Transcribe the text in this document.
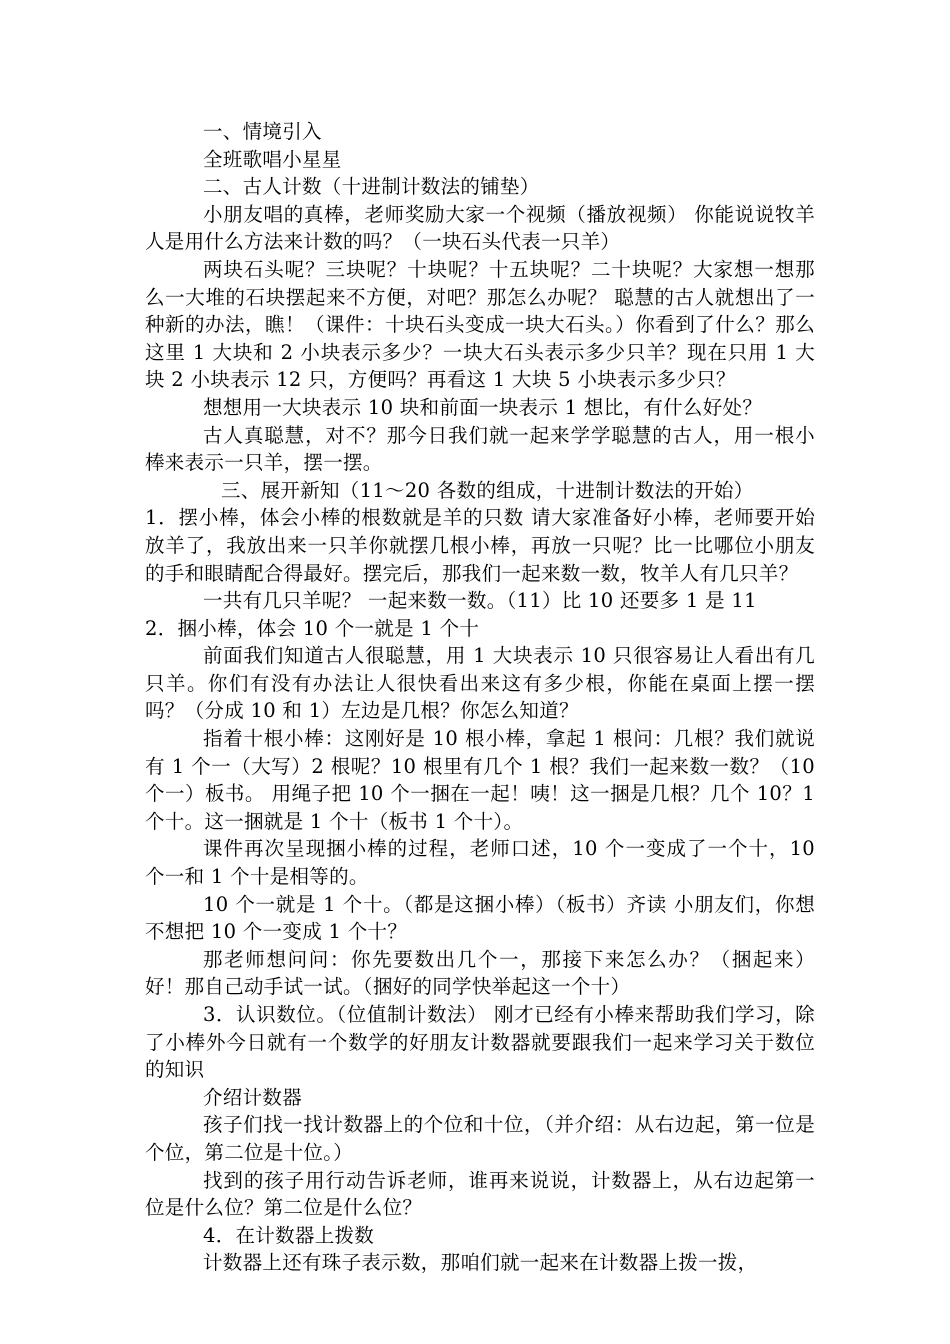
一、情境引入

全班歌唱小星星

二、古人计数（十进制计数法的铺垫）

小朋友唱的真棒，老师奖励大家一个视频（播放视频） 你能说说牧羊人是用什么方法来计数的吗？（一块石头代表一只羊）

两块石头呢？三块呢？十块呢？十五块呢？二十块呢？大家想一想那么一大堆的石块摆起来不方便，对吧？那怎么办呢？ 聪慧的古人就想出了一种新的办法，瞧！（课件：十块石头变成一块大石头。）你看到了什么？那么这里 1 大块和 2 小块表示多少？一块大石头表示多少只羊？现在只用 1 大块 2 小块表示 12 只，方便吗？再看这 1 大块 5 小块表示多少只？

想想用一大块表示 10 块和前面一块表示 1 想比，有什么好处？

古人真聪慧，对不？那今日我们就一起来学学聪慧的古人，用一根小棒来表示一只羊，摆一摆。

三、展开新知（11～20 各数的组成，十进制计数法的开始）

1．摆小棒，体会小棒的根数就是羊的只数 请大家准备好小棒，老师要开始放羊了，我放出来一只羊你就摆几根小棒，再放一只呢？比一比哪位小朋友的手和眼睛配合得最好。摆完后，那我们一起来数一数，牧羊人有几只羊？

一共有几只羊呢？ 一起来数一数。（11）比 10 还要多 1 是 11

2．捆小棒，体会 10 个一就是 1 个十

前面我们知道古人很聪慧，用 1 大块表示 10 只很容易让人看出有几只羊。你们有没有办法让人很快看出来这有多少根，你能在桌面上摆一摆吗？（分成 10 和 1）左边是几根？你怎么知道？

指着十根小棒：这刚好是 10 根小棒，拿起 1 根问：几根？我们就说有 1 个一（大写）2 根呢？10 根里有几个 1 根？我们一起来数一数？（10 个一）板书。 用绳子把 10 个一捆在一起！咦！这一捆是几根？几个 10？1 个十。这一捆就是 1 个十（板书 1 个十）。

课件再次呈现捆小棒的过程，老师口述，10 个一变成了一个十，10 个一和 1 个十是相等的。

10 个一就是 1 个十。（都是这捆小棒）（板书）齐读 小朋友们，你想不想把 10 个一变成 1 个十？

那老师想问问：你先要数出几个一，那接下来怎么办？（捆起来）好！那自己动手试一试。（捆好的同学快举起这一个十）

3．认识数位。（位值制计数法） 刚才已经有小棒来帮助我们学习，除了小棒外今日就有一个数学的好朋友计数器就要跟我们一起来学习关于数位的知识

介绍计数器

孩子们找一找计数器上的个位和十位，（并介绍：从右边起，第一位是个位，第二位是十位。）

找到的孩子用行动告诉老师，谁再来说说，计数器上，从右边起第一位是什么位？第二位是什么位？

4．在计数器上拨数

计数器上还有珠子表示数，那咱们就一起来在计数器上拨一拨，
